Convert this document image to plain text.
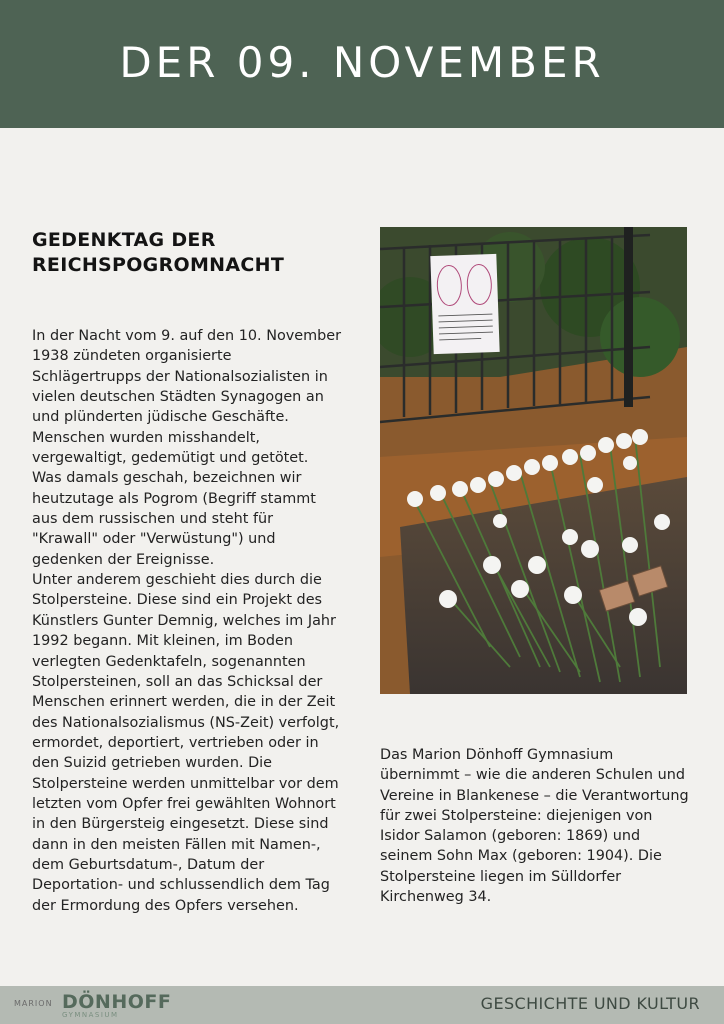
DER 09. NOVEMBER
GEDENKTAG DER
REICHSPOGROMNACHT

In der Nacht vom 9. auf den 10. November
1938 zündeten organisierte
Schlägertrupps der Nationalsozialisten in
vielen deutschen Städten Synagogen an
und plünderten jüdische Geschäfte.
Menschen wurden misshandelt,
vergewaltigt, gedemütigt und getötet.
Was damals geschah, bezeichnen wir
heutzutage als Pogrom (Begriff stammt
aus dem russischen und steht für
"Krawall" oder "Verwüstung") und
gedenken der Ereignisse.
Unter anderem geschieht dies durch die
Stolpersteine. Diese sind ein Projekt des
Künstlers Gunter Demnig, welches im Jahr
1992 begann. Mit kleinen, im Boden
verlegten Gedenktafeln, sogenannten
Stolpersteinen, soll an das Schicksal der
Menschen erinnert werden, die in der Zeit
des Nationalsozialismus (NS-Zeit) verfolgt,
ermordet, deportiert, vertrieben oder in
den Suizid getrieben wurden. Die
Stolpersteine werden unmittelbar vor dem
letzten vom Opfer frei gewählten Wohnort
in den Bürgersteig eingesetzt. Diese sind
dann in den meisten Fällen mit Namen-,
dem Geburtsdatum-, Datum der
Deportation- und schlussendlich dem Tag
der Ermordung des Opfers versehen.

Das Marion Dönhoff Gymnasium
übernimmt – wie die anderen Schulen und
Vereine in Blankenese – die Verantwortung
für zwei Stolpersteine: diejenigen von
Isidor Salamon (geboren: 1869) und
seinem Sohn Max (geboren: 1904). Die
Stolpersteine liegen im Sülldorfer
Kirchenweg 34.

MARION DÖNHOFF
GYMNASIUM
GESCHICHTE UND KULTUR
